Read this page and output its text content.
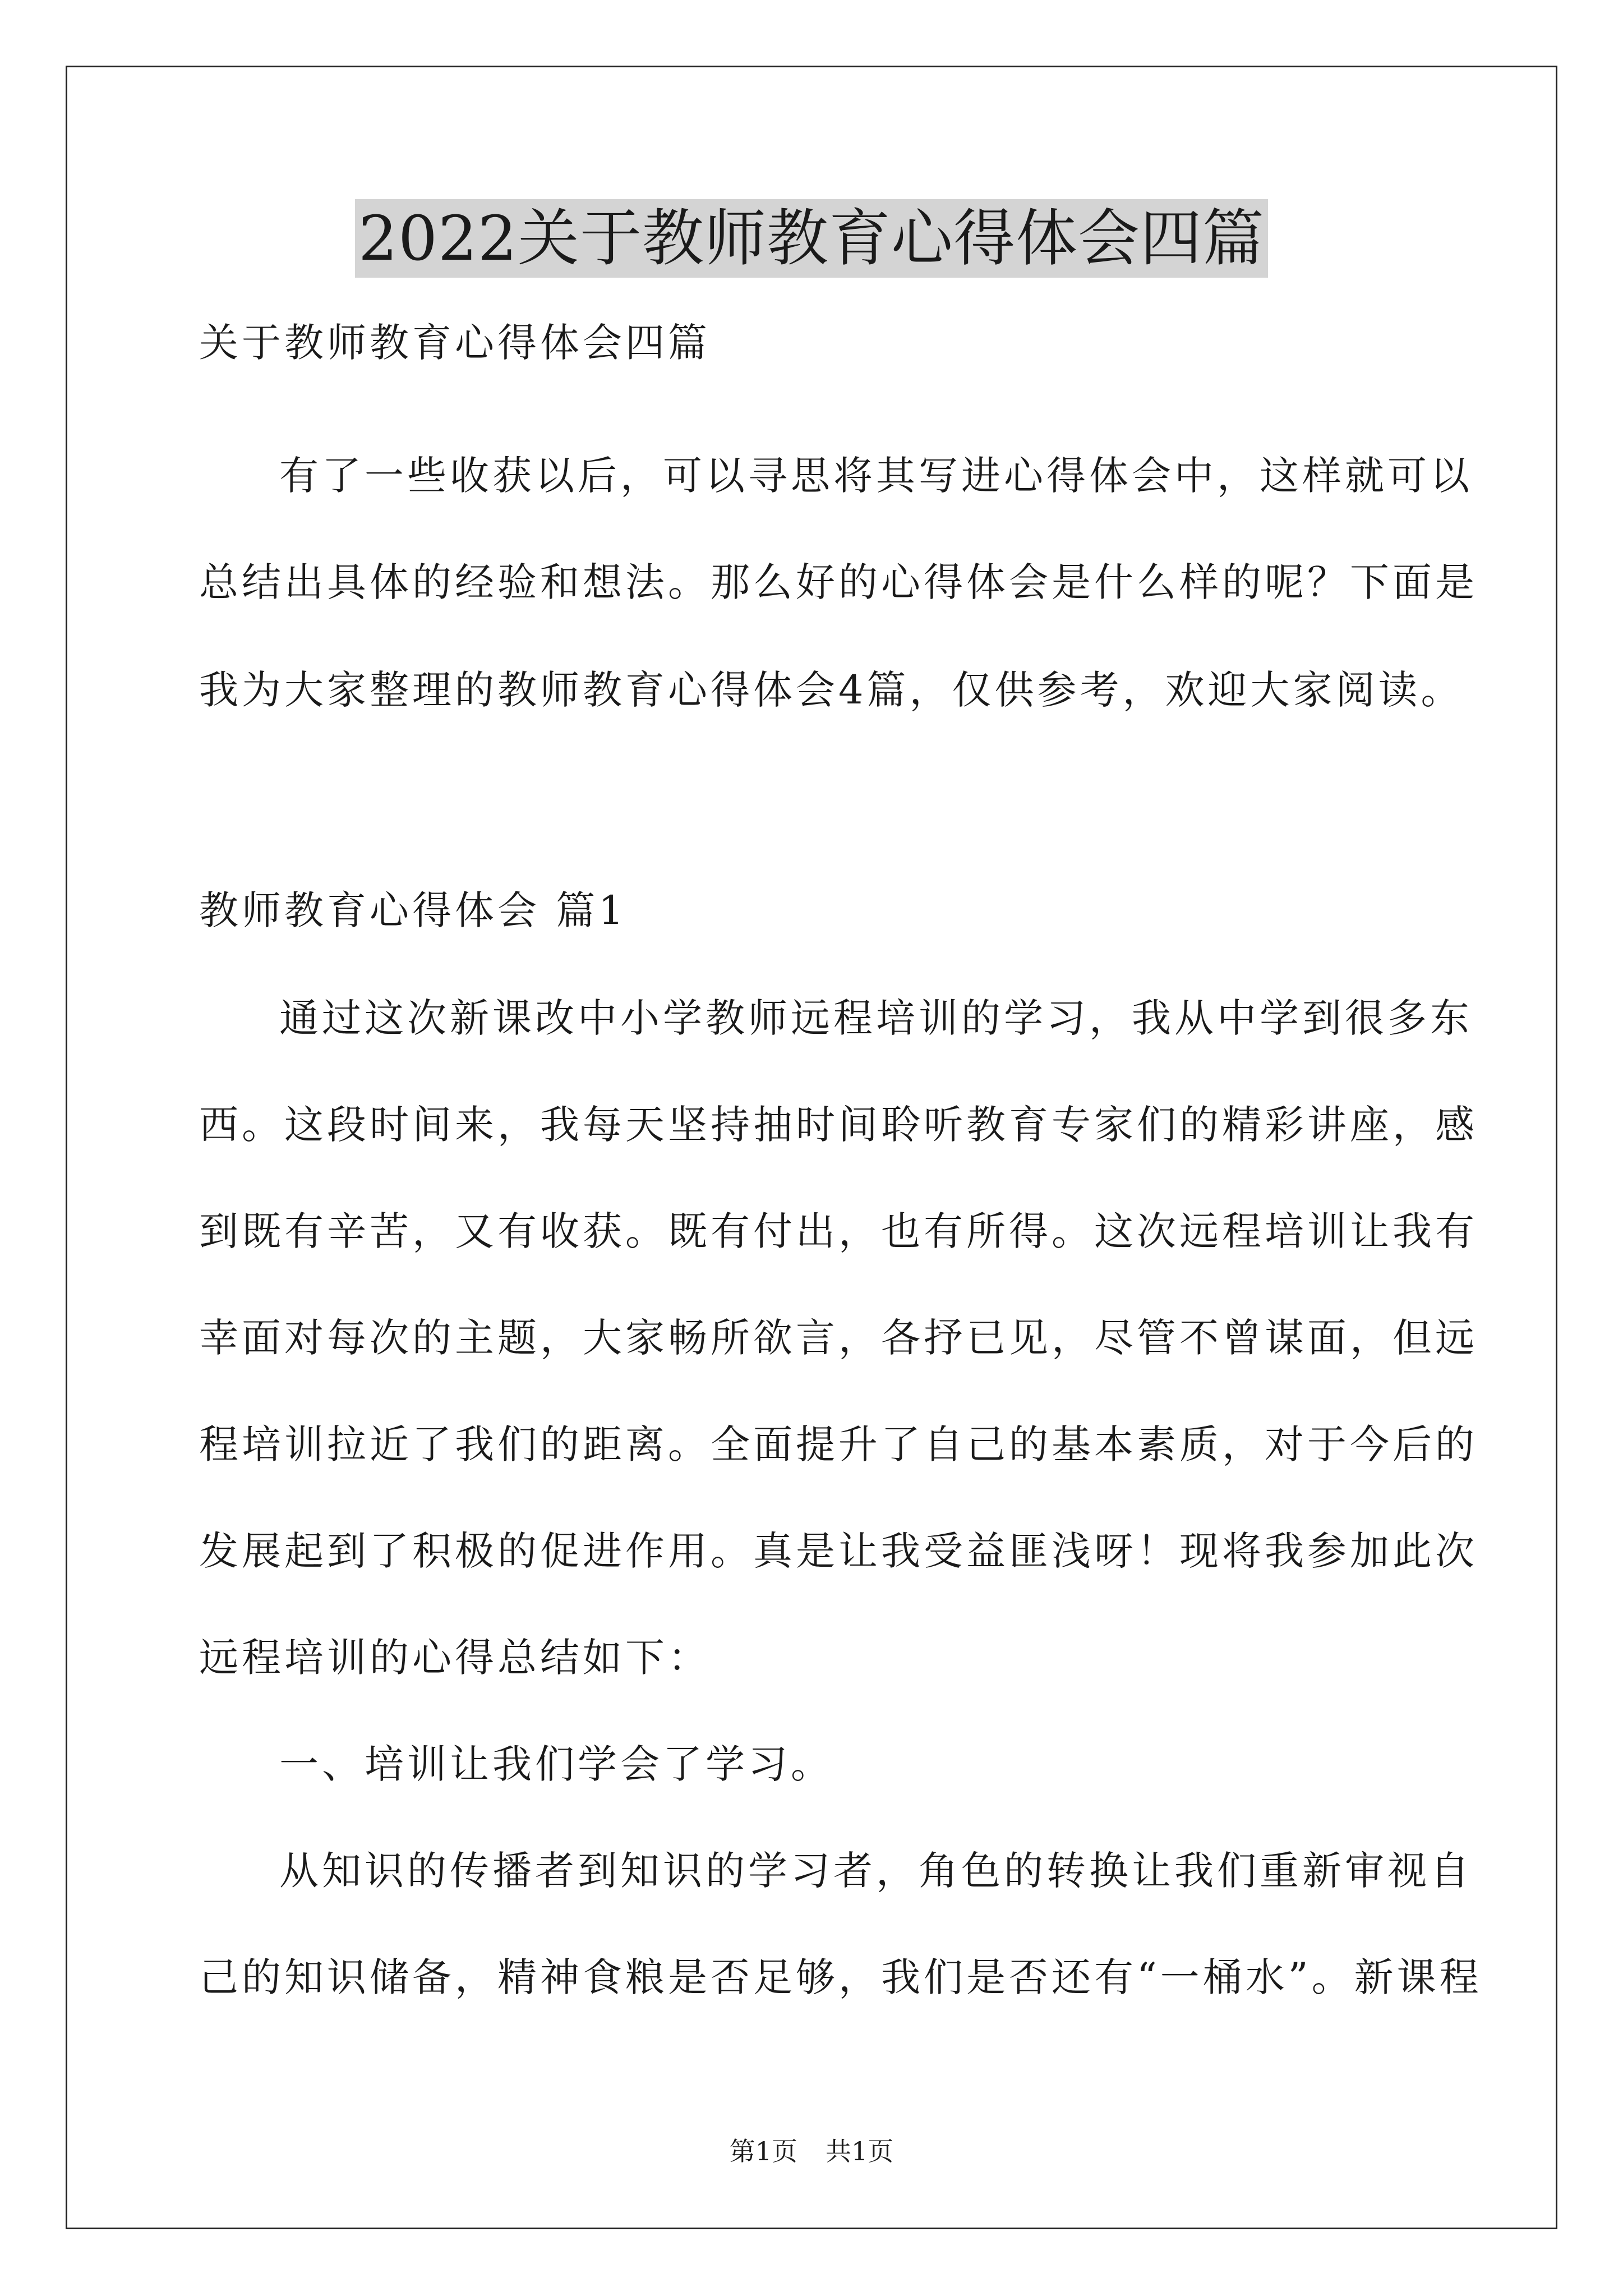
2022关于教师教育心得体会四篇
关于教师教育心得体会四篇
有了一些收获以后，可以寻思将其写进心得体会中，这样就可以
总结出具体的经验和想法。那么好的心得体会是什么样的呢？下面是
我为大家整理的教师教育心得体会4篇，仅供参考，欢迎大家阅读。
教师教育心得体会 篇1
通过这次新课改中小学教师远程培训的学习，我从中学到很多东
西。这段时间来，我每天坚持抽时间聆听教育专家们的精彩讲座，感
到既有辛苦，又有收获。既有付出，也有所得。这次远程培训让我有
幸面对每次的主题，大家畅所欲言，各抒已见，尽管不曾谋面，但远
程培训拉近了我们的距离。全面提升了自己的基本素质，对于今后的
发展起到了积极的促进作用。真是让我受益匪浅呀！现将我参加此次
远程培训的心得总结如下：
一、培训让我们学会了学习。
从知识的传播者到知识的学习者，角色的转换让我们重新审视自
己的知识储备，精神食粮是否足够，我们是否还有“一桶水”。新课程
第1页 共1页
